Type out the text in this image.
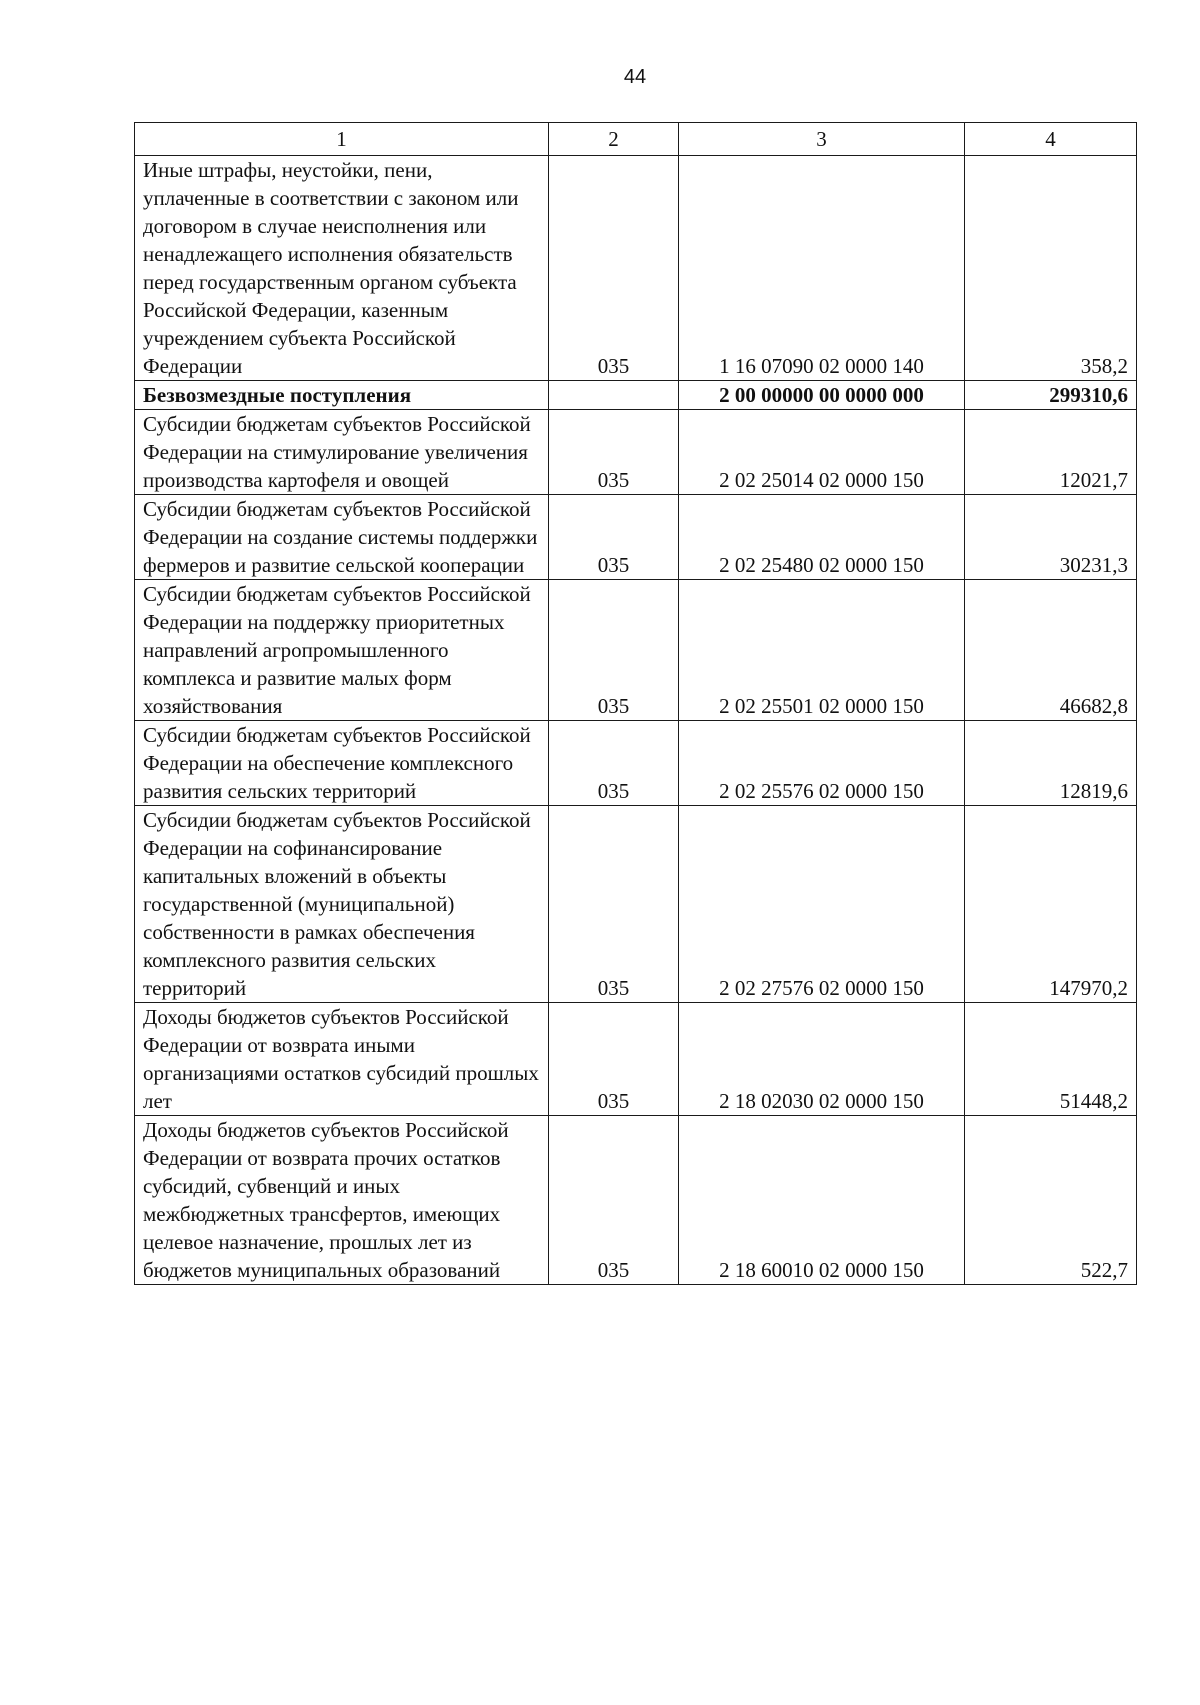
44
1	2	3	4
Иные штрафы, неустойки, пени, уплаченные в соответствии с законом или договором в случае неисполнения или ненадлежащего исполнения обязательств перед государственным органом субъекта Российской Федерации, казенным учреждением субъекта Российской Федерации	035	1 16 07090 02 0000 140	358,2
Безвозмездные поступления		2 00 00000 00 0000 000	299310,6
Субсидии бюджетам субъектов Российской Федерации на стимулирование увеличения производства картофеля и овощей	035	2 02 25014 02 0000 150	12021,7
Субсидии бюджетам субъектов Российской Федерации на создание системы поддержки фермеров и развитие сельской кооперации	035	2 02 25480 02 0000 150	30231,3
Субсидии бюджетам субъектов Российской Федерации на поддержку приоритетных направлений агропромышленного комплекса и развитие малых форм хозяйствования	035	2 02 25501 02 0000 150	46682,8
Субсидии бюджетам субъектов Российской Федерации на обеспечение комплексного развития сельских территорий	035	2 02 25576 02 0000 150	12819,6
Субсидии бюджетам субъектов Российской Федерации на софинансирование капитальных вложений в объекты государственной (муниципальной) собственности в рамках обеспечения комплексного развития сельских территорий	035	2 02 27576 02 0000 150	147970,2
Доходы бюджетов субъектов Российской Федерации от возврата иными организациями остатков субсидий прошлых лет	035	2 18 02030 02 0000 150	51448,2
Доходы бюджетов субъектов Российской Федерации от возврата прочих остатков субсидий, субвенций и иных межбюджетных трансфертов, имеющих целевое назначение, прошлых лет из бюджетов муниципальных образований	035	2 18 60010 02 0000 150	522,7
